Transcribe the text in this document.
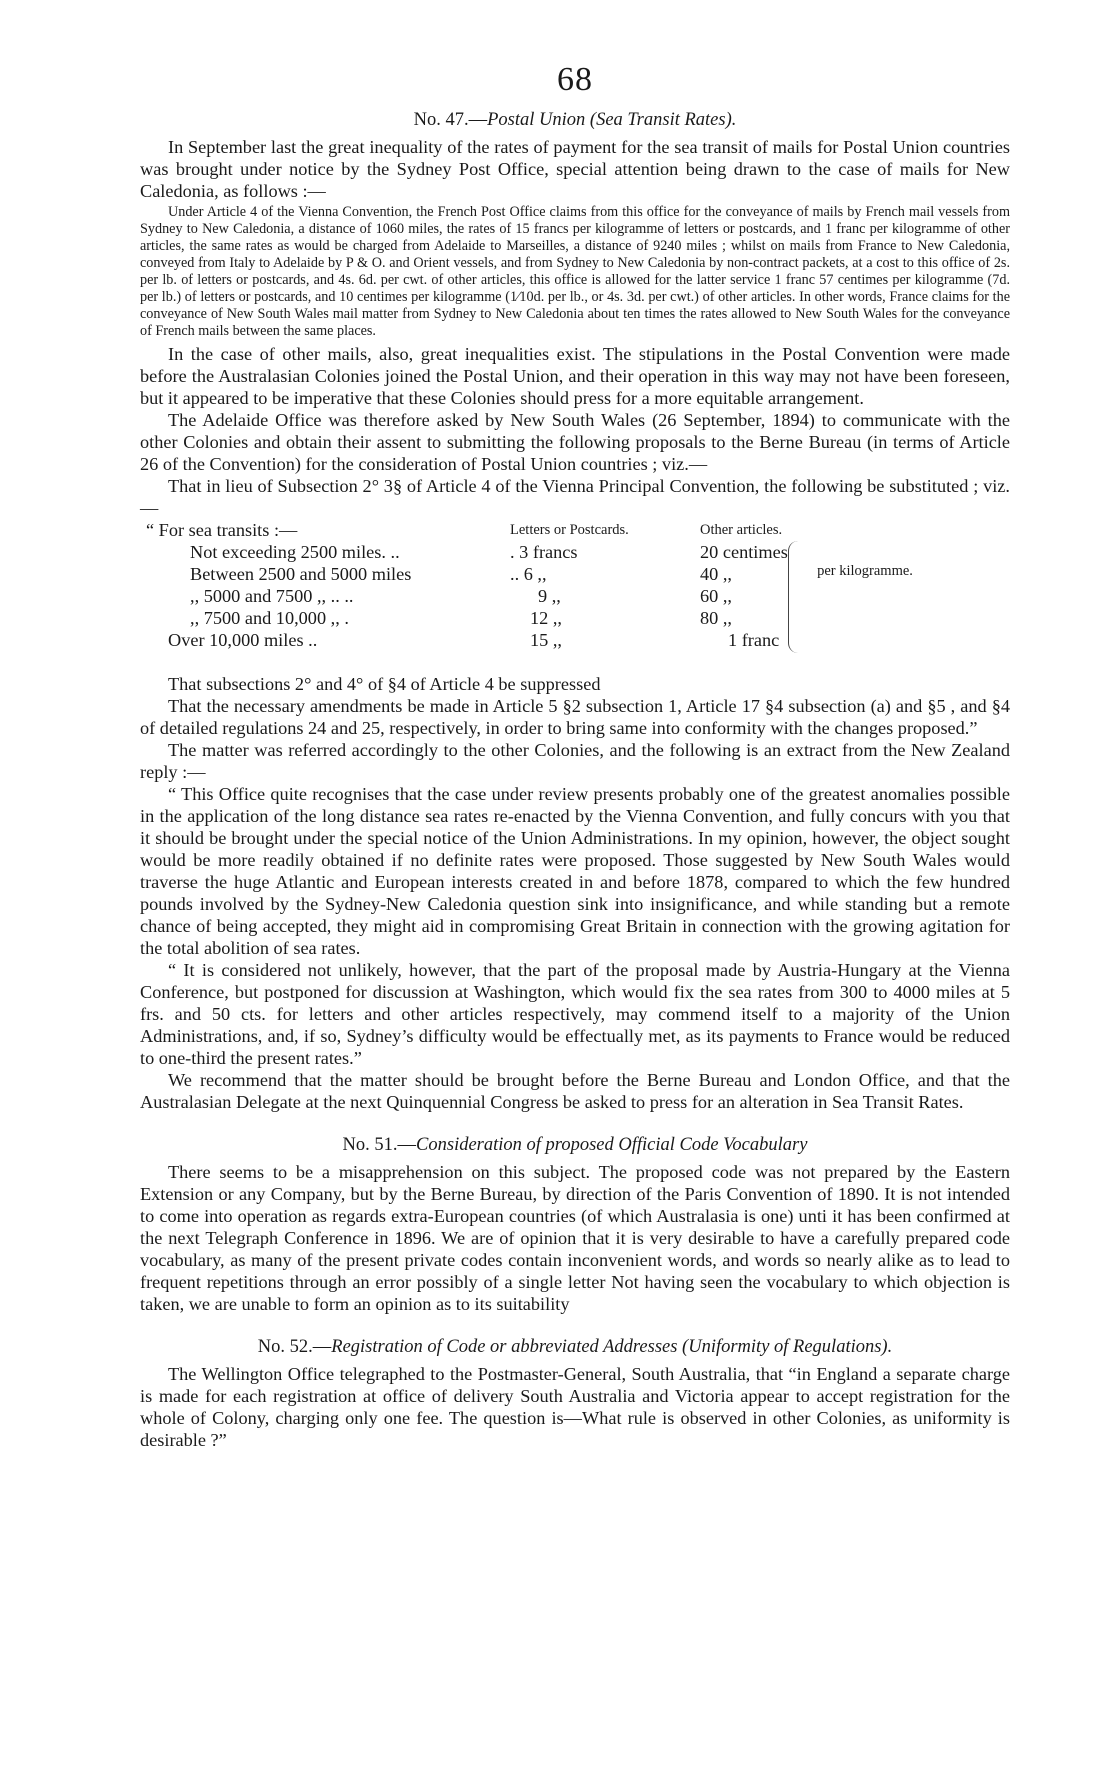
68
No. 47.—Postal Union (Sea Transit Rates).

In September last the great inequality of the rates of payment for the sea transit of mails for Postal Union countries was brought under notice by the Sydney Post Office, special attention being drawn to the case of mails for New Caledonia, as follows :—

Under Article 4 of the Vienna Convention, the French Post Office claims from this office for the conveyance of mails by French mail vessels from Sydney to New Caledonia, a distance of 1060 miles, the rates of 15 francs per kilogramme of letters or postcards, and 1 franc per kilogramme of other articles, the same rates as would be charged from Adelaide to Marseilles, a distance of 9240 miles ; whilst on mails from France to New Caledonia, conveyed from Italy to Adelaide by P & O. and Orient vessels, and from Sydney to New Caledonia by non-contract packets, at a cost to this office of 2s. per lb. of letters or postcards, and 4s. 6d. per cwt. of other articles, this office is allowed for the latter service 1 franc 57 centimes per kilogramme (7d. per lb.) of letters or postcards, and 10 centimes per kilogramme (1⁄10d. per lb., or 4s. 3d. per cwt.) of other articles. In other words, France claims for the conveyance of New South Wales mail matter from Sydney to New Caledonia about ten times the rates allowed to New South Wales for the conveyance of French mails between the same places.

In the case of other mails, also, great inequalities exist. The stipulations in the Postal Convention were made before the Australasian Colonies joined the Postal Union, and their operation in this way may not have been foreseen, but it appeared to be imperative that these Colonies should press for a more equitable arrangement.

The Adelaide Office was therefore asked by New South Wales (26 September, 1894) to communicate with the other Colonies and obtain their assent to submitting the following proposals to the Berne Bureau (in terms of Article 26 of the Convention) for the consideration of Postal Union countries ; viz.—

That in lieu of Subsection 2° 3§ of Article 4 of the Vienna Principal Convention, the following be substituted ; viz.—

“ For sea transits :—	Letters or Postcards.	Other articles.
Not exceeding 2500 miles. ..	. 3 francs	20 centimes
Between 2500 and 5000 miles	.. 6 ,,	40 ,,
,, 5000 and 7500 ,, .. ..	9 ,,	60 ,,
,, 7500 and 10,000 ,, .	12 ,,	80 ,,
Over 10,000 miles ..	15 ,,	1 franc
per kilogramme.

That subsections 2° and 4° of §4 of Article 4 be suppressed

That the necessary amendments be made in Article 5 §2 subsection 1, Article 17 §4 subsection (a) and §5 , and §4 of detailed regulations 24 and 25, respectively, in order to bring same into conformity with the changes proposed.”

The matter was referred accordingly to the other Colonies, and the following is an extract from the New Zealand reply :—

“ This Office quite recognises that the case under review presents probably one of the greatest anomalies possible in the application of the long distance sea rates re-enacted by the Vienna Convention, and fully concurs with you that it should be brought under the special notice of the Union Administrations. In my opinion, however, the object sought would be more readily obtained if no definite rates were proposed. Those suggested by New South Wales would traverse the huge Atlantic and European interests created in and before 1878, compared to which the few hundred pounds involved by the Sydney-New Caledonia question sink into insignificance, and while standing but a remote chance of being accepted, they might aid in compromising Great Britain in connection with the growing agitation for the total abolition of sea rates.

“ It is considered not unlikely, however, that the part of the proposal made by Austria-Hungary at the Vienna Conference, but postponed for discussion at Washington, which would fix the sea rates from 300 to 4000 miles at 5 frs. and 50 cts. for letters and other articles respectively, may commend itself to a majority of the Union Administrations, and, if so, Sydney’s difficulty would be effectually met, as its payments to France would be reduced to one-third the present rates.”

We recommend that the matter should be brought before the Berne Bureau and London Office, and that the Australasian Delegate at the next Quinquennial Congress be asked to press for an alteration in Sea Transit Rates.

No. 51.—Consideration of proposed Official Code Vocabulary

There seems to be a misapprehension on this subject. The proposed code was not prepared by the Eastern Extension or any Company, but by the Berne Bureau, by direction of the Paris Convention of 1890. It is not intended to come into operation as regards extra-European countries (of which Australasia is one) unti it has been confirmed at the next Telegraph Conference in 1896. We are of opinion that it is very desirable to have a carefully prepared code vocabulary, as many of the present private codes contain inconvenient words, and words so nearly alike as to lead to frequent repetitions through an error possibly of a single letter Not having seen the vocabulary to which objection is taken, we are unable to form an opinion as to its suitability

No. 52.—Registration of Code or abbreviated Addresses (Uniformity of Regulations).

The Wellington Office telegraphed to the Postmaster-General, South Australia, that “in England a separate charge is made for each registration at office of delivery South Australia and Victoria appear to accept registration for the whole of Colony, charging only one fee. The question is—What rule is observed in other Colonies, as uniformity is desirable ?”
